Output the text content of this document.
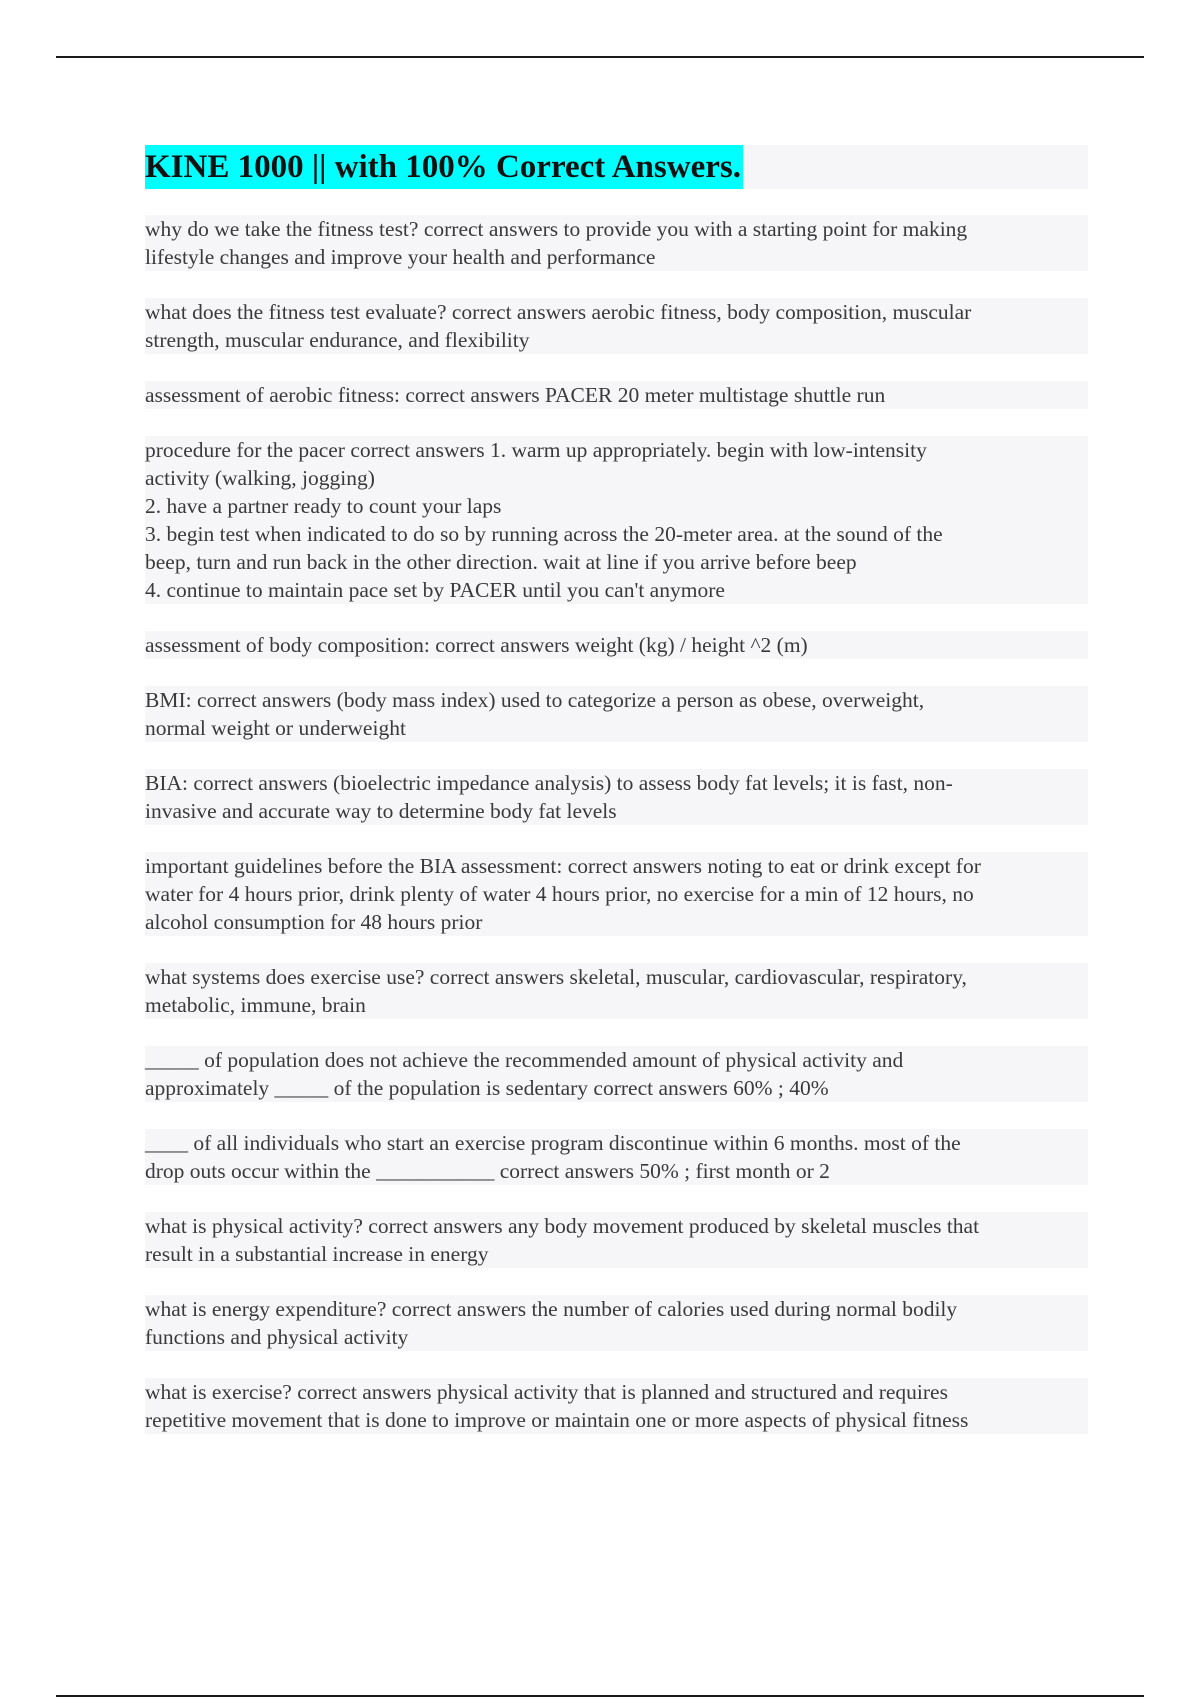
KINE 1000 || with 100% Correct Answers.
why do we take the fitness test? correct answers to provide you with a starting point for making
lifestyle changes and improve your health and performance
what does the fitness test evaluate? correct answers aerobic fitness, body composition, muscular
strength, muscular endurance, and flexibility
assessment of aerobic fitness: correct answers PACER 20 meter multistage shuttle run
procedure for the pacer correct answers 1. warm up appropriately. begin with low-intensity
activity (walking, jogging)
2. have a partner ready to count your laps
3. begin test when indicated to do so by running across the 20-meter area. at the sound of the
beep, turn and run back in the other direction. wait at line if you arrive before beep
4. continue to maintain pace set by PACER until you can't anymore
assessment of body composition: correct answers weight (kg) / height ^2 (m)
BMI: correct answers (body mass index) used to categorize a person as obese, overweight,
normal weight or underweight
BIA: correct answers (bioelectric impedance analysis) to assess body fat levels; it is fast, non-
invasive and accurate way to determine body fat levels
important guidelines before the BIA assessment: correct answers noting to eat or drink except for
water for 4 hours prior, drink plenty of water 4 hours prior, no exercise for a min of 12 hours, no
alcohol consumption for 48 hours prior
what systems does exercise use? correct answers skeletal, muscular, cardiovascular, respiratory,
metabolic, immune, brain
_____ of population does not achieve the recommended amount of physical activity and
approximately _____ of the population is sedentary correct answers 60% ; 40%
____ of all individuals who start an exercise program discontinue within 6 months. most of the
drop outs occur within the ___________ correct answers 50% ; first month or 2
what is physical activity? correct answers any body movement produced by skeletal muscles that
result in a substantial increase in energy
what is energy expenditure? correct answers the number of calories used during normal bodily
functions and physical activity
what is exercise? correct answers physical activity that is planned and structured and requires
repetitive movement that is done to improve or maintain one or more aspects of physical fitness
